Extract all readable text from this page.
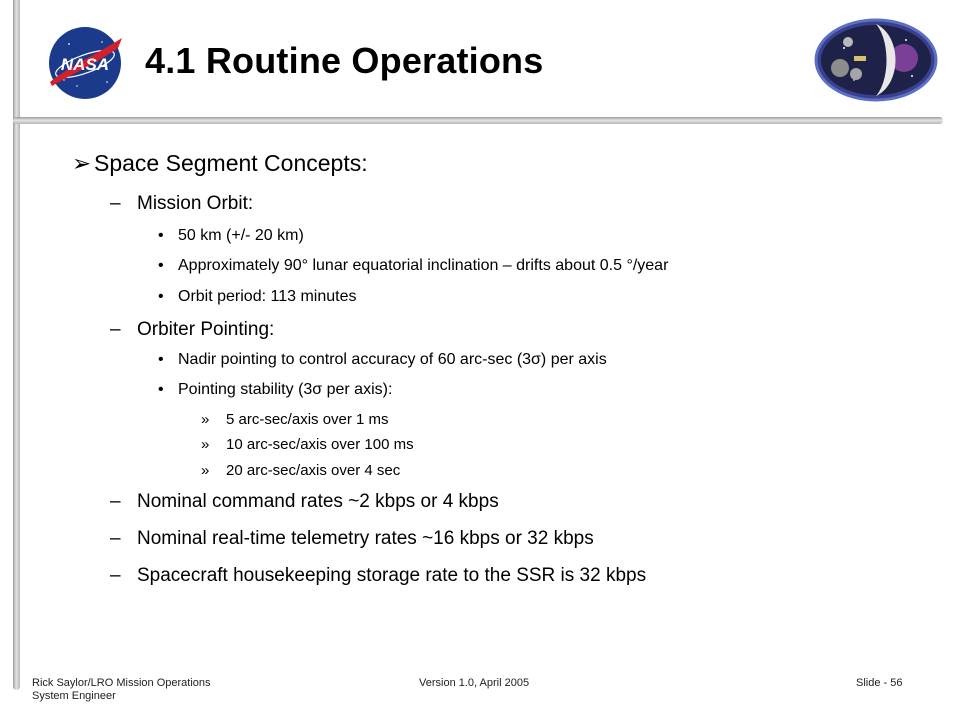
NASA 4.1 Routine Operations
➢ Space Segment Concepts:
– Mission Orbit:
• 50 km (+/- 20 km)
• Approximately 90° lunar equatorial inclination – drifts about 0.5 °/year
• Orbit period: 113 minutes
– Orbiter Pointing:
• Nadir pointing to control accuracy of 60 arc-sec (3σ) per axis
• Pointing stability (3σ per axis):
» 5 arc-sec/axis over 1 ms
» 10 arc-sec/axis over 100 ms
» 20 arc-sec/axis over 4 sec
– Nominal command rates ~2 kbps or 4 kbps
– Nominal real-time telemetry rates ~16 kbps or 32 kbps
– Spacecraft housekeeping storage rate to the SSR is 32 kbps
Rick Saylor/LRO Mission Operations
System Engineer
Version 1.0, April 2005	Slide - 56
